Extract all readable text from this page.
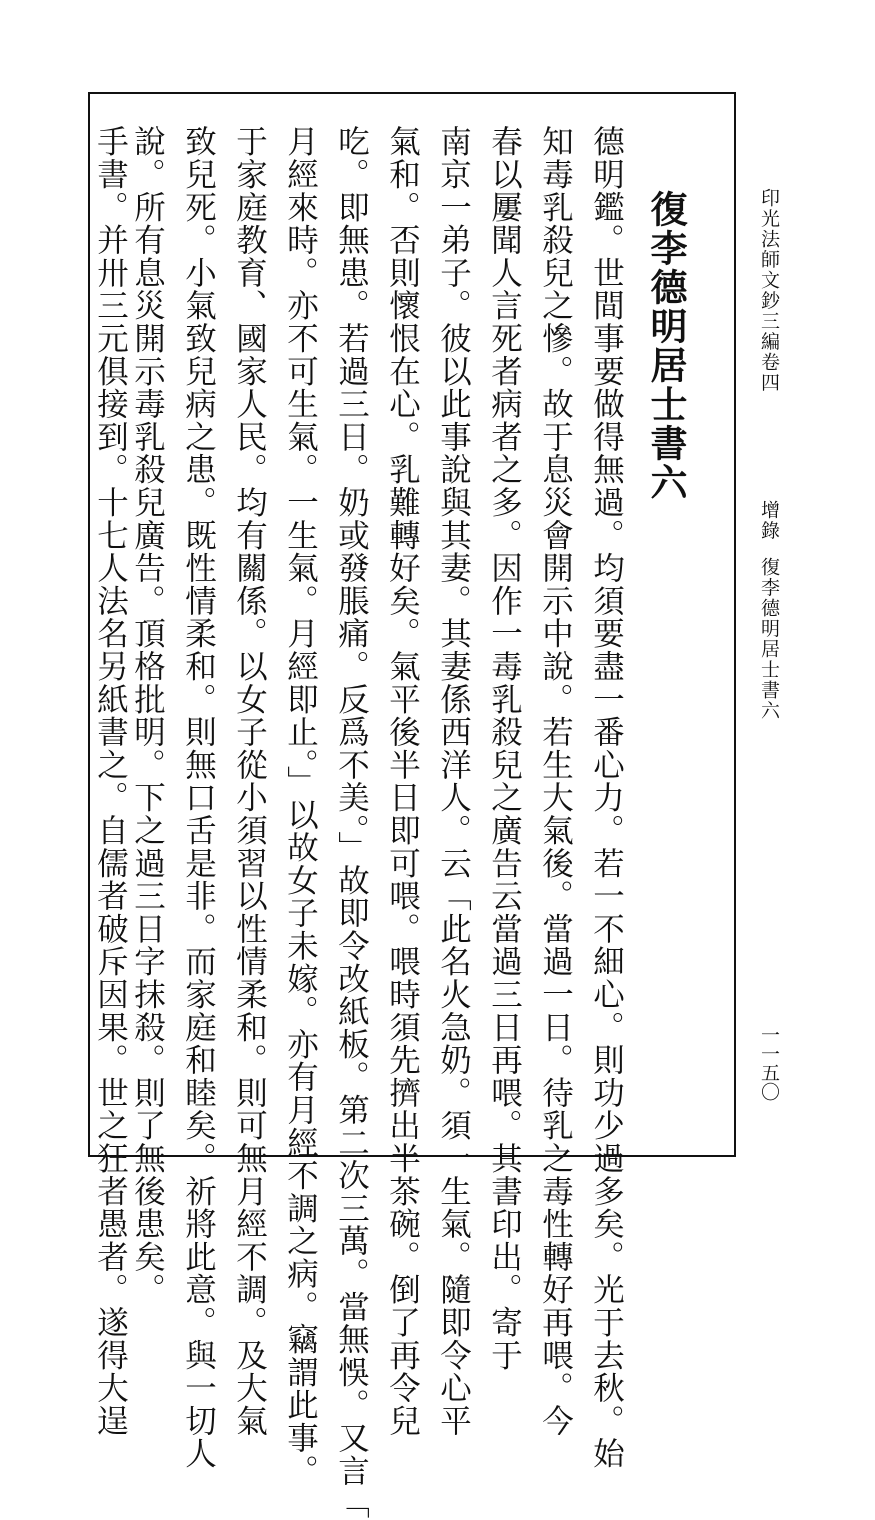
印光法師文鈔三編卷四
增錄復李德明居士書六
一一五〇
復李德明居士書六
德明鑑。世間事要做得無過。均須要盡一番心力。若一不細心。則功少過多矣。光于去秋。始
知毒乳殺兒之慘。故于息災會開示中說。若生大氣後。當過一日。待乳之毒性轉好再喂。今
春以屢聞人言死者病者之多。因作一毒乳殺兒之廣告云當過三日再喂。其書印出。寄于
南京一弟子。彼以此事說與其妻。其妻係西洋人。云「此名火急奶。須一生氣。隨即令心平
氣和。否則懷恨在心。乳難轉好矣。氣平後半日即可喂。喂時須先擠出半茶碗。倒了再令兒
吃。即無患。若過三日。奶或發脹痛。反爲不美。」故即令改紙板。第二次三萬。當無悞。又言「
月經來時。亦不可生氣。一生氣。月經即止。」以故女子未嫁。亦有月經不調之病。竊謂此事。
于家庭教育、國家人民。均有關係。以女子從小須習以性情柔和。則可無月經不調。及大氣
致兒死。小氣致兒病之患。既性情柔和。則無口舌是非。而家庭和睦矣。祈將此意。與一切人
說。所有息災開示毒乳殺兒廣告。頂格批明。下之過三日字抹殺。則了無後患矣。
手書。并卅三元俱接到。十七人法名另紙書之。自儒者破斥因果。世之狂者愚者。遂得大逞
